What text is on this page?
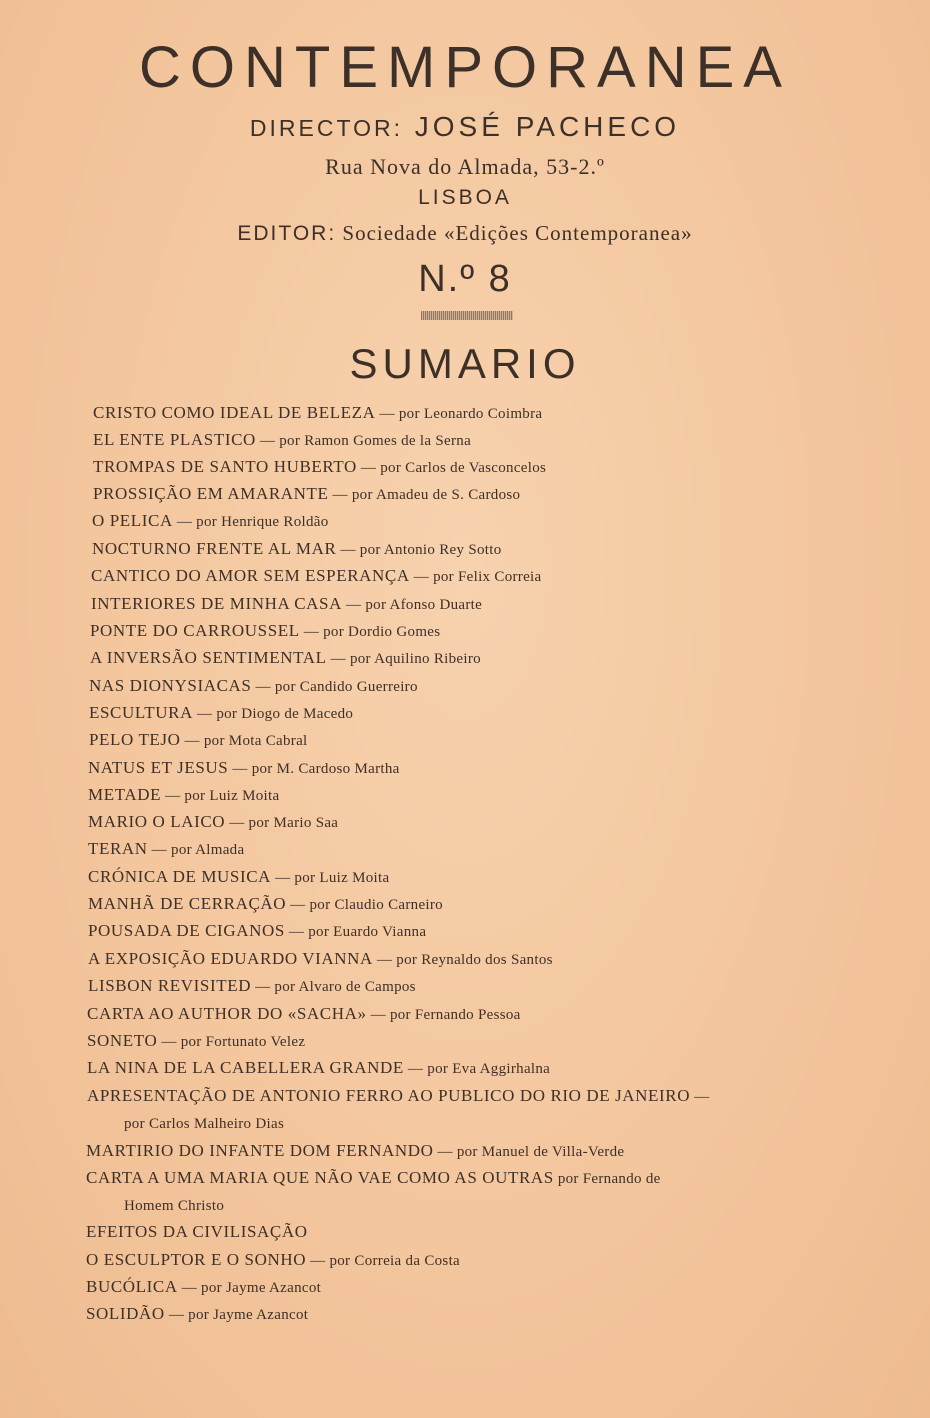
CONTEMPORANEA
DIRECTOR: JOSÉ PACHECO
Rua Nova do Almada, 53-2.º
LISBOA
EDITOR: Sociedade «Edições Contemporanea»
N.º 8
SUMARIO
CRISTO COMO IDEAL DE BELEZA — por Leonardo Coimbra
EL ENTE PLASTICO — por Ramon Gomes de la Serna
TROMPAS DE SANTO HUBERTO — por Carlos de Vasconcelos
PROSSIÇÃO EM AMARANTE — por Amadeu de S. Cardoso
O PELICA — por Henrique Roldão
NOCTURNO FRENTE AL MAR — por Antonio Rey Sotto
CANTICO DO AMOR SEM ESPERANÇA — por Felix Correia
INTERIORES DE MINHA CASA — por Afonso Duarte
PONTE DO CARROUSSEL — por Dordio Gomes
A INVERSÃO SENTIMENTAL — por Aquilino Ribeiro
NAS DIONYSIACAS — por Candido Guerreiro
ESCULTURA — por Diogo de Macedo
PELO TEJO — por Mota Cabral
NATUS ET JESUS — por M. Cardoso Martha
METADE — por Luiz Moita
MARIO O LAICO — por Mario Saa
TERAN — por Almada
CRÓNICA DE MUSICA — por Luiz Moita
MANHÃ DE CERRAÇÃO — por Claudio Carneiro
POUSADA DE CIGANOS — por Euardo Vianna
A EXPOSIÇÃO EDUARDO VIANNA — por Reynaldo dos Santos
LISBON REVISITED — por Alvaro de Campos
CARTA AO AUTHOR DO «SACHA» — por Fernando Pessoa
SONETO — por Fortunato Velez
LA NINA DE LA CABELLERA GRANDE — por Eva Aggirhalna
APRESENTAÇÃO DE ANTONIO FERRO AO PUBLICO DO RIO DE JANEIRO —
por Carlos Malheiro Dias
MARTIRIO DO INFANTE DOM FERNANDO — por Manuel de Villa-Verde
CARTA A UMA MARIA QUE NÃO VAE COMO AS OUTRAS por Fernando de
Homem Christo
EFEITOS DA CIVILISAÇÃO
O ESCULPTOR E O SONHO — por Correia da Costa
BUCÓLICA — por Jayme Azancot
SOLIDÃO — por Jayme Azancot
